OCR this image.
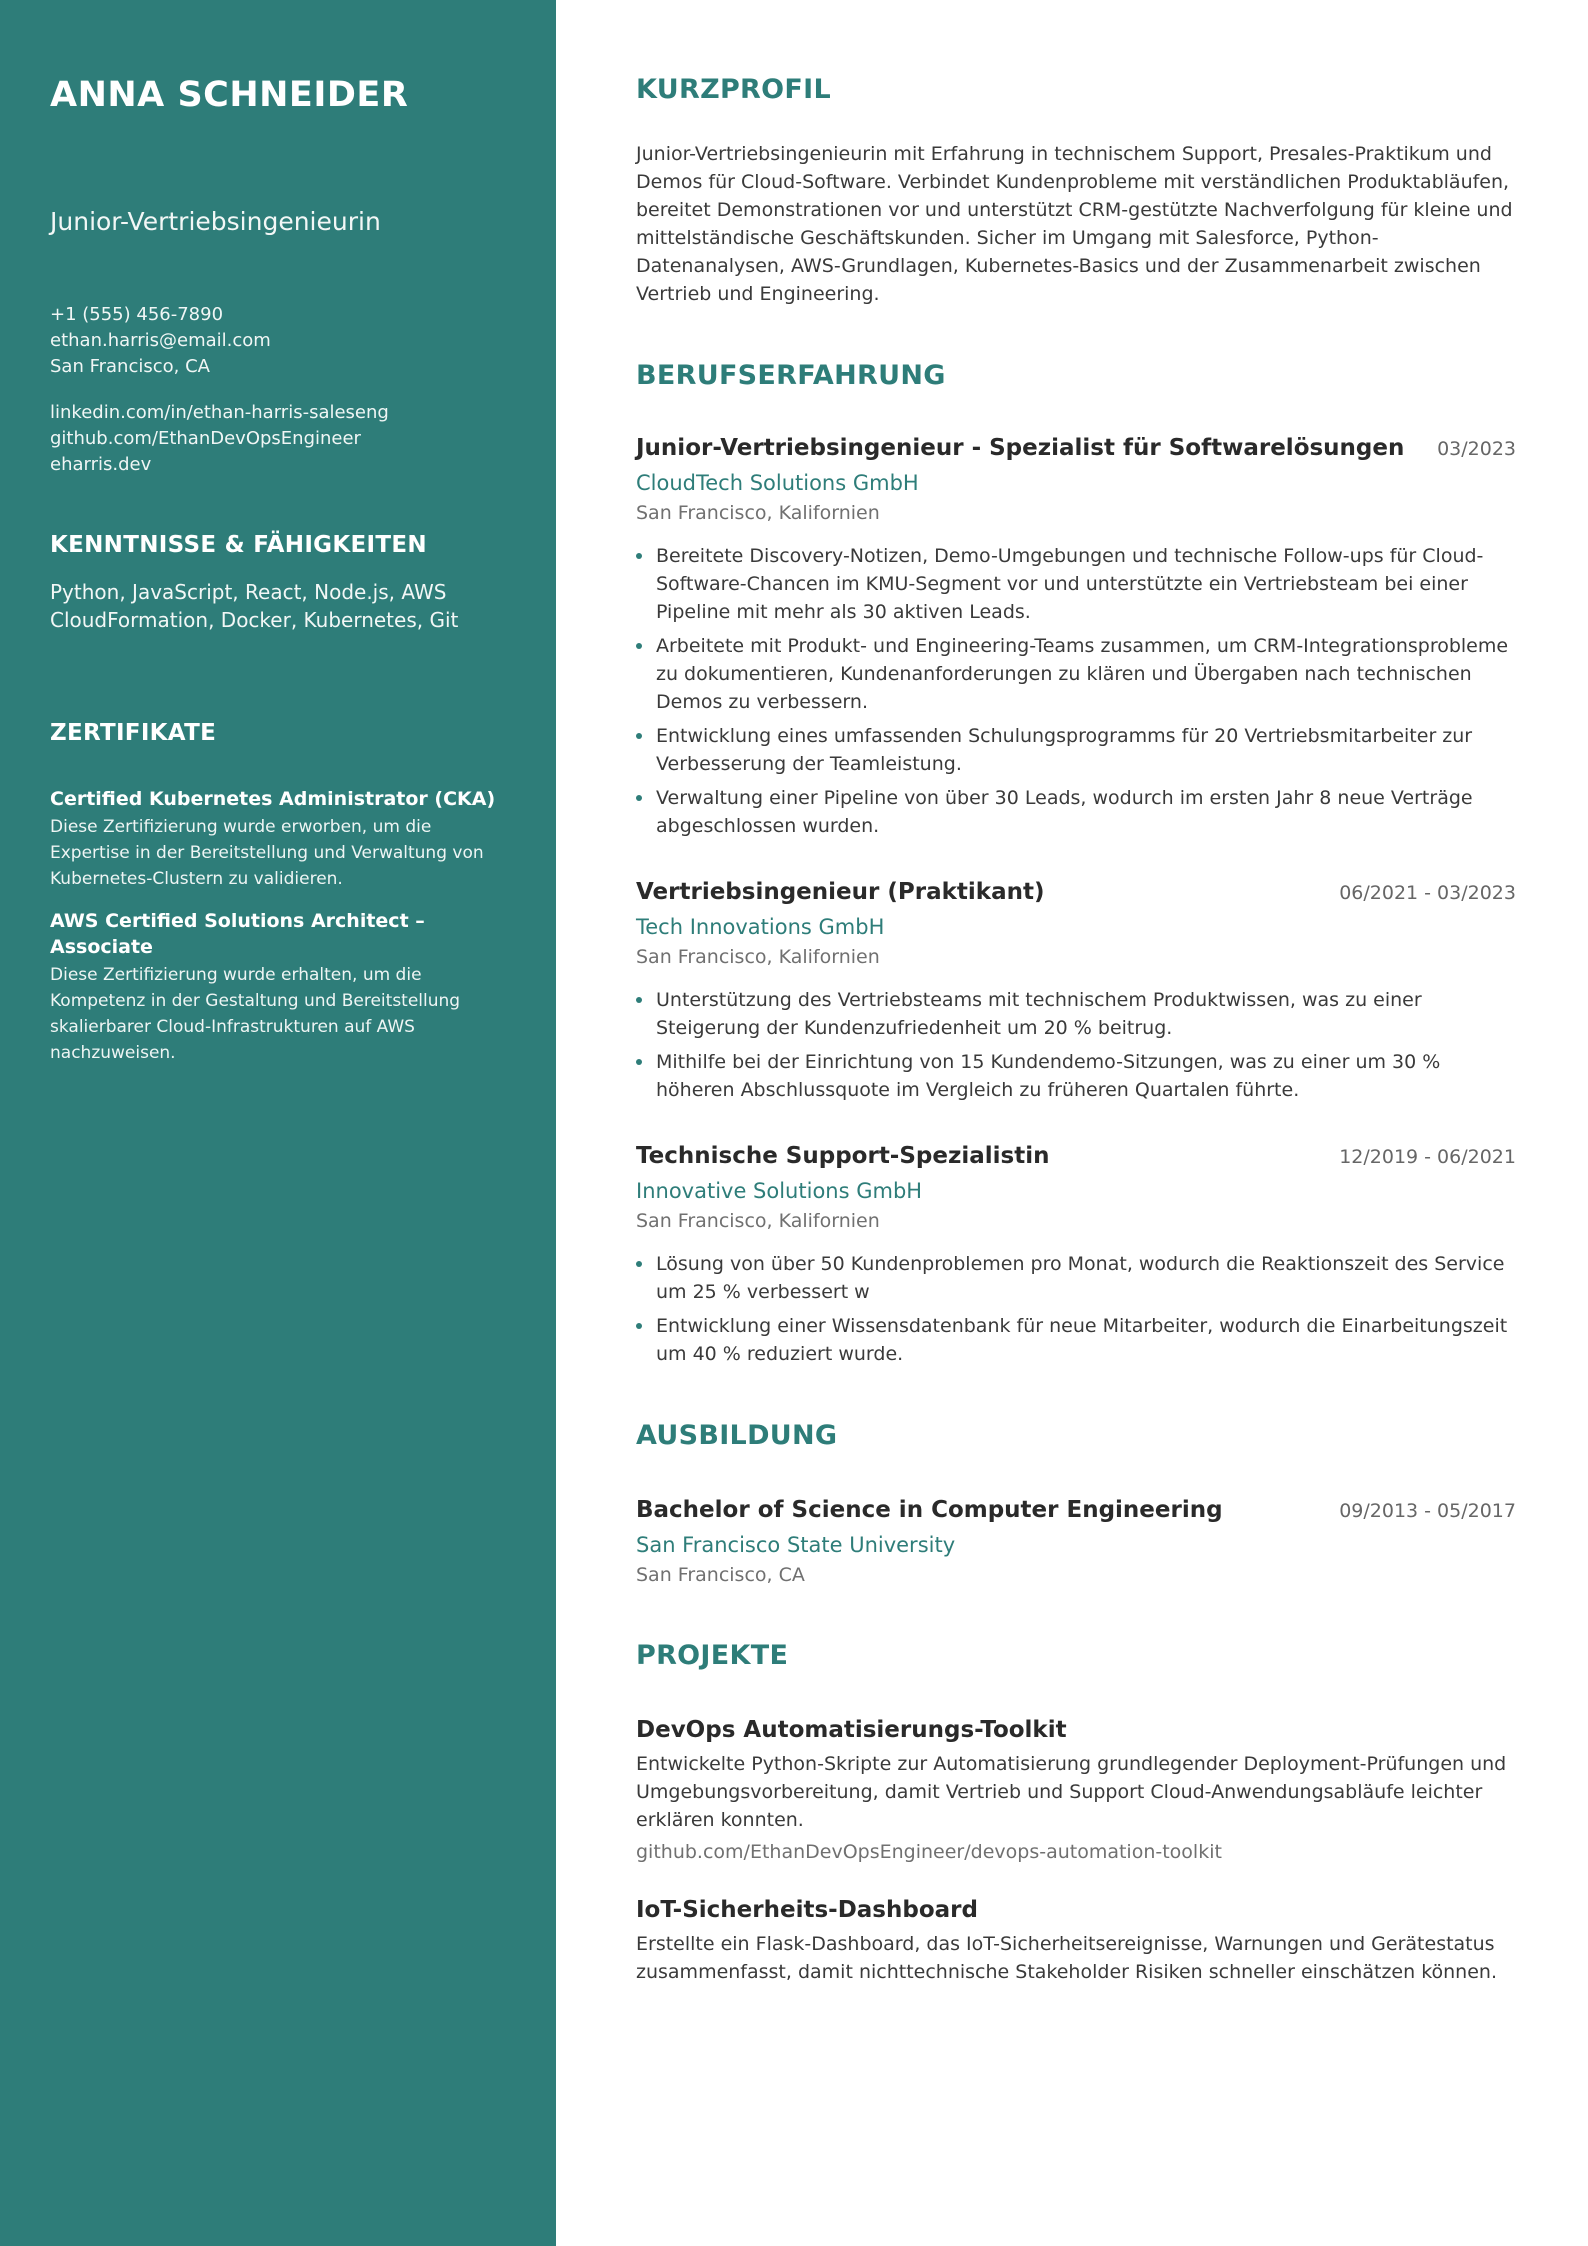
ANNA SCHNEIDER
Junior-Vertriebsingenieurin
+1 (555) 456-7890
ethan.harris@email.com
San Francisco, CA
linkedin.com/in/ethan-harris-saleseng
github.com/EthanDevOpsEngineer
eharris.dev
KENNTNISSE & FÄHIGKEITEN
Python, JavaScript, React, Node.js, AWS CloudFormation, Docker, Kubernetes, Git
ZERTIFIKATE
Certified Kubernetes Administrator (CKA)
Diese Zertifizierung wurde erworben, um die Expertise in der Bereitstellung und Verwaltung von Kubernetes-Clustern zu validieren.
AWS Certified Solutions Architect – Associate
Diese Zertifizierung wurde erhalten, um die Kompetenz in der Gestaltung und Bereitstellung skalierbarer Cloud-Infrastrukturen auf AWS nachzuweisen.
KURZPROFIL
Junior-Vertriebsingenieurin mit Erfahrung in technischem Support, Presales-Praktikum und Demos für Cloud-Software. Verbindet Kundenprobleme mit verständlichen Produktabläufen, bereitet Demonstrationen vor und unterstützt CRM-gestützte Nachverfolgung für kleine und mittelständische Geschäftskunden. Sicher im Umgang mit Salesforce, Python-Datenanalysen, AWS-Grundlagen, Kubernetes-Basics und der Zusammenarbeit zwischen Vertrieb und Engineering.
BERUFSERFAHRUNG
Junior-Vertriebsingenieur - Spezialist für Softwarelösungen 03/2023
CloudTech Solutions GmbH
San Francisco, Kalifornien
Bereitete Discovery-Notizen, Demo-Umgebungen und technische Follow-ups für Cloud-Software-Chancen im KMU-Segment vor und unterstützte ein Vertriebsteam bei einer Pipeline mit mehr als 30 aktiven Leads.
Arbeitete mit Produkt- und Engineering-Teams zusammen, um CRM-Integrationsprobleme zu dokumentieren, Kundenanforderungen zu klären und Übergaben nach technischen Demos zu verbessern.
Entwicklung eines umfassenden Schulungsprogramms für 20 Vertriebsmitarbeiter zur Verbesserung der Teamleistung.
Verwaltung einer Pipeline von über 30 Leads, wodurch im ersten Jahr 8 neue Verträge abgeschlossen wurden.
Vertriebsingenieur (Praktikant)	06/2021 - 03/2023
Tech Innovations GmbH
San Francisco, Kalifornien
Unterstützung des Vertriebsteams mit technischem Produktwissen, was zu einer Steigerung der Kundenzufriedenheit um 20 % beitrug.
Mithilfe bei der Einrichtung von 15 Kundendemo-Sitzungen, was zu einer um 30 % höheren Abschlussquote im Vergleich zu früheren Quartalen führte.
Technische Support-Spezialistin	12/2019 - 06/2021
Innovative Solutions GmbH
San Francisco, Kalifornien
Lösung von über 50 Kundenproblemen pro Monat, wodurch die Reaktionszeit des Service um 25 % verbessert w
Entwicklung einer Wissensdatenbank für neue Mitarbeiter, wodurch die Einarbeitungszeit um 40 % reduziert wurde.
AUSBILDUNG
Bachelor of Science in Computer Engineering	09/2013 - 05/2017
San Francisco State University
San Francisco, CA
PROJEKTE
DevOps Automatisierungs-Toolkit
Entwickelte Python-Skripte zur Automatisierung grundlegender Deployment-Prüfungen und Umgebungsvorbereitung, damit Vertrieb und Support Cloud-Anwendungsabläufe leichter erklären konnten.
github.com/EthanDevOpsEngineer/devops-automation-toolkit
IoT-Sicherheits-Dashboard
Erstellte ein Flask-Dashboard, das IoT-Sicherheitsereignisse, Warnungen und Gerätestatus zusammenfasst, damit nichttechnische Stakeholder Risiken schneller einschätzen können.
